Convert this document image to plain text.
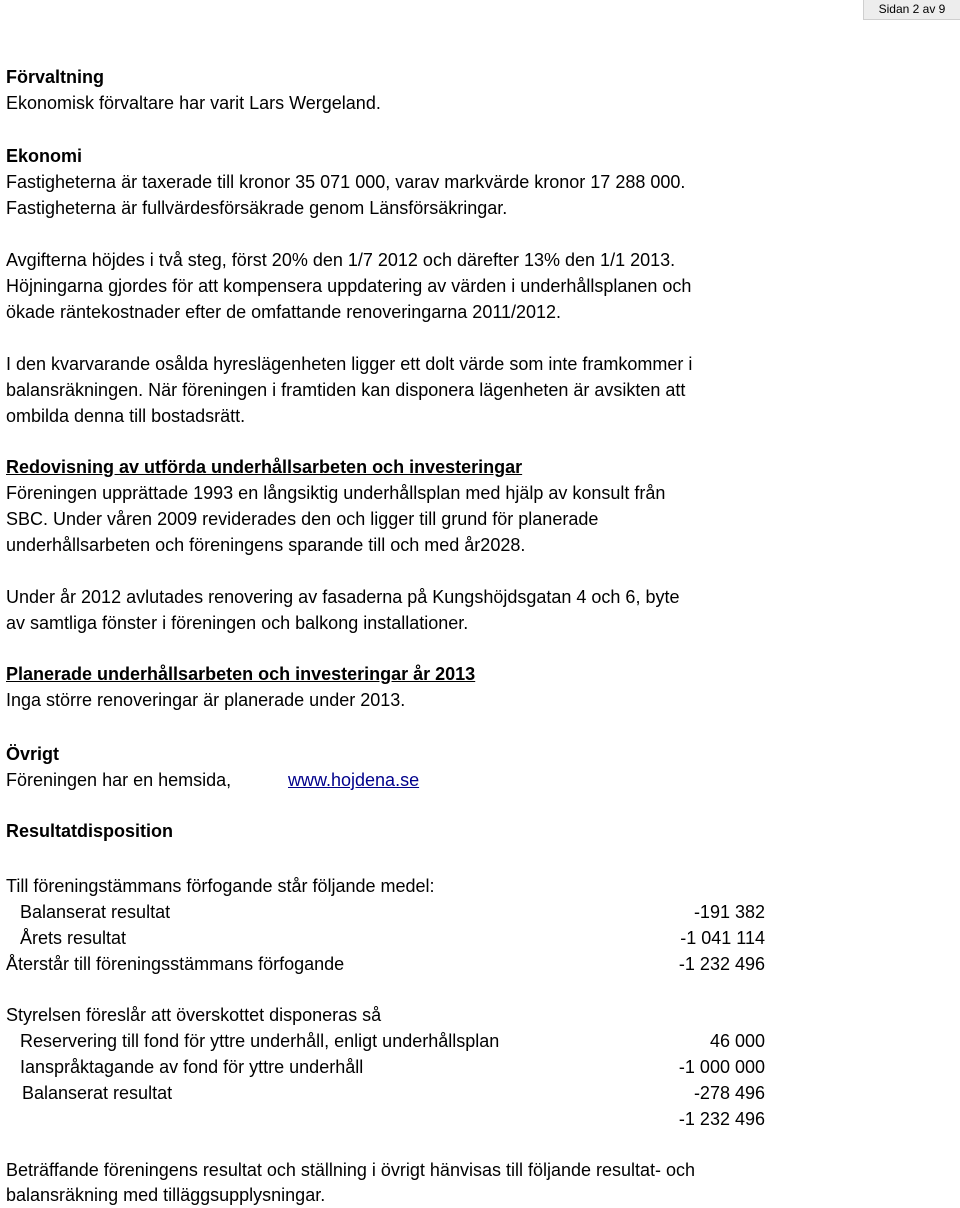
Sidan 2 av 9
Förvaltning
Ekonomisk förvaltare har varit Lars Wergeland.
Ekonomi
Fastigheterna är taxerade till kronor 35 071 000, varav markvärde kronor 17 288 000.
Fastigheterna är fullvärdesförsäkrade genom Länsförsäkringar.
Avgifterna höjdes i två steg, först 20% den 1/7 2012 och därefter 13% den 1/1 2013.
Höjningarna gjordes för att kompensera uppdatering av värden i underhållsplanen och
ökade räntekostnader efter de omfattande renoveringarna 2011/2012.
I den kvarvarande osålda hyreslägenheten ligger ett dolt värde som inte framkommer i
balansräkningen. När föreningen i framtiden kan disponera lägenheten är avsikten att
ombilda denna till bostadsrätt.
Redovisning av utförda underhållsarbeten och investeringar
Föreningen upprättade 1993 en långsiktig underhållsplan med hjälp av konsult från
SBC. Under våren 2009 reviderades den och ligger till grund för planerade
underhållsarbeten och föreningens sparande till och med år2028.
Under år 2012 avlutades renovering av fasaderna på Kungshöjdsgatan 4 och 6, byte
av samtliga fönster i föreningen och balkong installationer.
Planerade underhållsarbeten och investeringar år 2013
Inga större renoveringar är planerade under 2013.
Övrigt
Föreningen har en hemsida,	www.hojdena.se
Resultatdisposition
Till föreningstämmans förfogande står följande medel:
Balanserat resultat	-191 382
Årets resultat	-1 041 114
Återstår till föreningsstämmans förfogande	-1 232 496
Styrelsen föreslår att överskottet disponeras så
Reservering till fond för yttre underhåll, enligt underhållsplan	46 000
Ianspråktagande av fond för yttre underhåll	-1 000 000
Balanserat resultat	-278 496
-1 232 496
Beträffande föreningens resultat och ställning i övrigt hänvisas till följande resultat- och
balansräkning med tilläggsupplysningar.
